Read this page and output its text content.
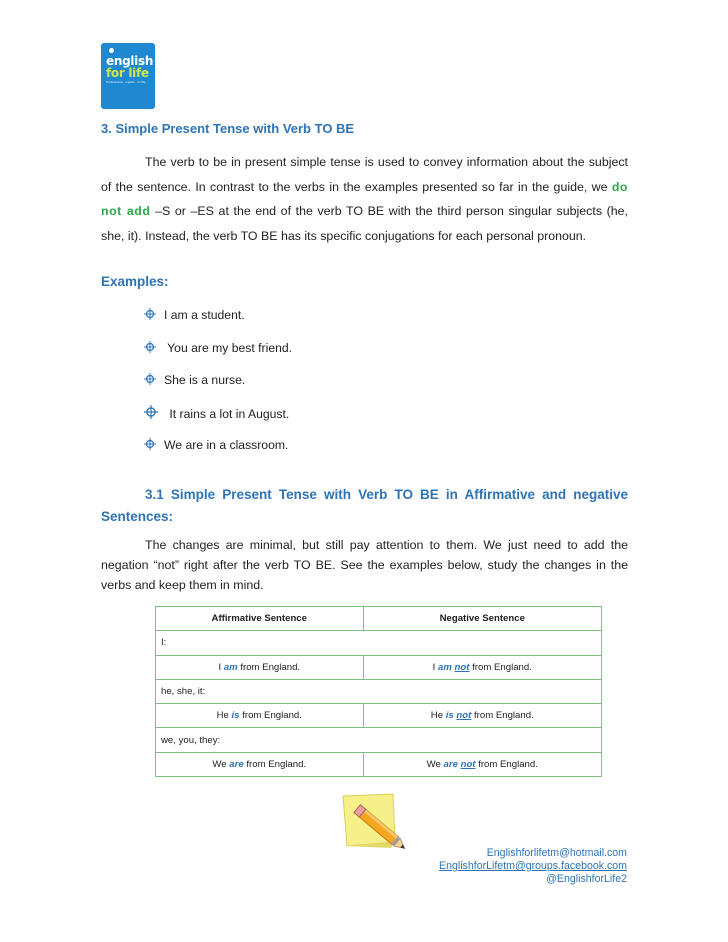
english
for life
Professional · english · for life
3. Simple Present Tense with Verb TO BE

The verb to be in present simple tense is used to convey information about the subject of the sentence. In contrast to the verbs in the examples presented so far in the guide, we do not add –S or –ES at the end of the verb TO BE with the third person singular subjects (he, she, it). Instead, the verb TO BE has its specific conjugations for each personal pronoun.

Examples:
I am a student.
You are my best friend.
She is a nurse.
It rains a lot in August.
We are in a classroom.

3.1 Simple Present Tense with Verb TO BE in Affirmative and negative Sentences:

The changes are minimal, but still pay attention to them. We just need to add the negation “not” right after the verb TO BE. See the examples below, study the changes in the verbs and keep them in mind.

Affirmative Sentence	Negative Sentence
I:	
I am from England.	I am not from England.
he, she, it:	
He is from England.	He is not from England.
we, you, they:	
We are from England.	We are not from England.
Englishforlifetm@hotmail.com
EnglishforLifetm@groups.facebook.com
@EnglishforLife2
